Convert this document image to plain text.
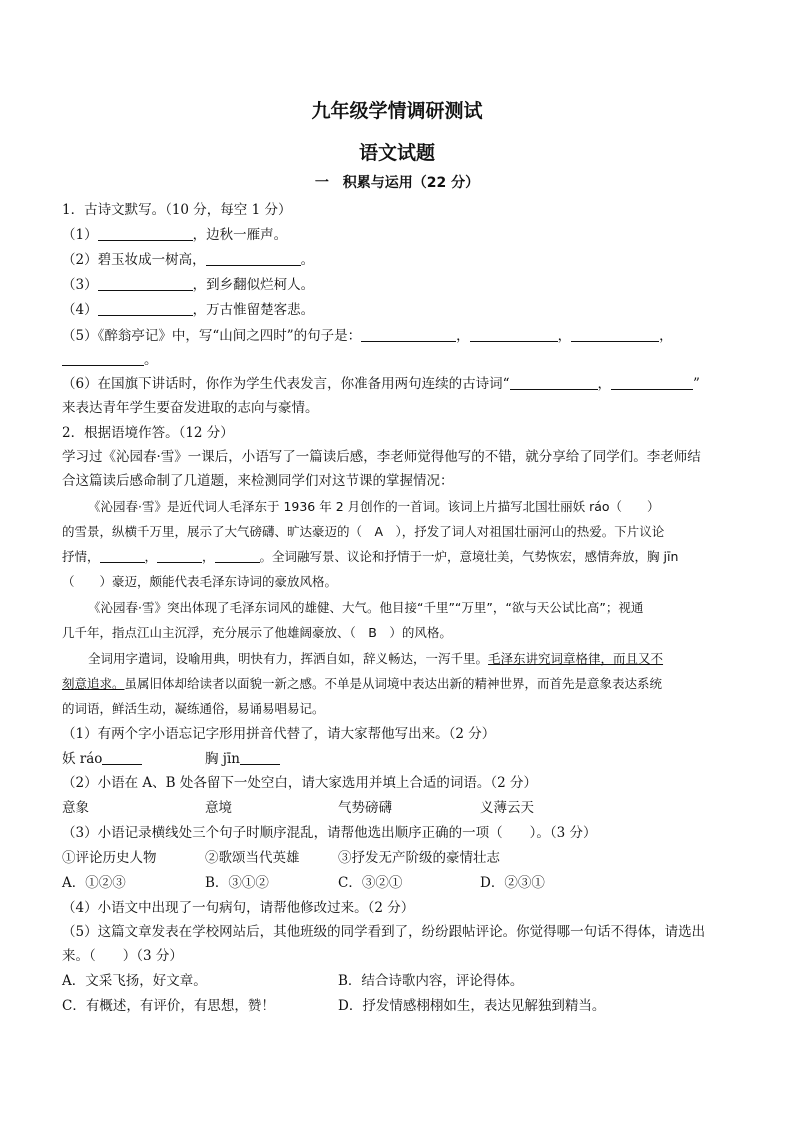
九年级学情调研测试
语文试题
一　积累与运用（22 分）
1．古诗文默写。（10 分，每空 1 分）
（1）	，边秋一雁声。
（2）碧玉妆成一树高，	。
（3）	，到乡翻似烂柯人。
（4）	，万古惟留楚客悲。
（5）《醉翁亭记》中，写“山间之四时”的句子是：	，	，	，
。
（6）在国旗下讲话时，你作为学生代表发言，你准备用两句连续的古诗词“	，	”
来表达青年学生要奋发进取的志向与豪情。
2．根据语境作答。（12 分）
学习过《沁园春·雪》一课后，小语写了一篇读后感，李老师觉得他写的不错，就分享给了同学们。李老师结
合这篇读后感命制了几道题，来检测同学们对这节课的掌握情况：
《沁园春·雪》是近代词人毛泽东于 1936 年 2 月创作的一首词。该词上片描写北国壮丽妖 ráo（　　）
的雪景，纵横千万里，展示了大气磅礴、旷达豪迈的（　A　），抒发了词人对祖国壮丽河山的热爱。下片议论
抒情，	，	，	。全词融写景、议论和抒情于一炉，意境壮美，气势恢宏，感情奔放，胸 jīn
（　　）豪迈，颇能代表毛泽东诗词的豪放风格。
《沁园春·雪》突出体现了毛泽东词风的雄健、大气。他目接“千里”“万里”，“欲与天公试比高”；视通
几千年，指点江山主沉浮，充分展示了他雄阔豪放、（　B　）的风格。
全词用字遣词，设喻用典，明快有力，挥洒自如，辞义畅达，一泻千里。毛泽东讲究词章格律，而且又不
刻意追求。虽属旧体却给读者以面貌一新之感。不单是从词境中表达出新的精神世界，而首先是意象表达系统
的词语，鲜活生动，凝练通俗，易诵易唱易记。
（1）有两个字小语忘记字形用拼音代替了，请大家帮他写出来。（2 分）
妖 ráo	胸 jīn
（2）小语在 A、B 处各留下一处空白，请大家选用并填上合适的词语。（2 分）
意象	意境	气势磅礴	义薄云天
（3）小语记录横线处三个句子时顺序混乱，请帮他选出顺序正确的一项（　　）。（3 分）
①评论历史人物	②歌颂当代英雄	③抒发无产阶级的豪情壮志
A．①②③	B．③①②	C．③②①	D．②③①
（4）小语文中出现了一句病句，请帮他修改过来。（2 分）
（5）这篇文章发表在学校网站后，其他班级的同学看到了，纷纷跟帖评论。你觉得哪一句话不得体，请选出
来。（　　）（3 分）
A．文采飞扬，好文章。	B．结合诗歌内容，评论得体。
C．有概述，有评价，有思想，赞！	D．抒发情感栩栩如生，表达见解独到精当。
